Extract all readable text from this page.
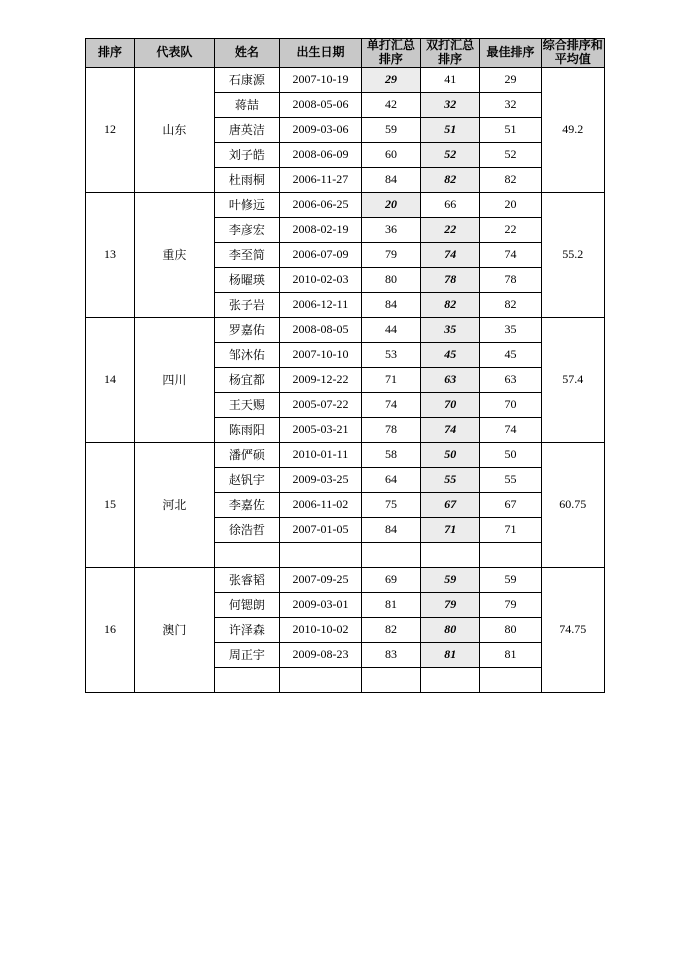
排序	代表队	姓名	出生日期	单打汇总排序	双打汇总排序	最佳排序	综合排序和平均值
12	山东	石康源	2007-10-19	29	41	29	49.2
		蒋喆	2008-05-06	42	32	32	
		唐英洁	2009-03-06	59	51	51	
		刘子皓	2008-06-09	60	52	52	
		杜雨桐	2006-11-27	84	82	82	
13	重庆	叶修远	2006-06-25	20	66	20	55.2
		李彦宏	2008-02-19	36	22	22	
		李至简	2006-07-09	79	74	74	
		杨曜瑛	2010-02-03	80	78	78	
		张子岩	2006-12-11	84	82	82	
14	四川	罗嘉佑	2008-08-05	44	35	35	57.4
		邹沐佑	2007-10-10	53	45	45	
		杨宜都	2009-12-22	71	63	63	
		王天赐	2005-07-22	74	70	70	
		陈雨阳	2005-03-21	78	74	74	
15	河北	潘俨硕	2010-01-11	58	50	50	60.75
		赵钒宇	2009-03-25	64	55	55	
		李嘉佐	2006-11-02	75	67	67	
		徐浩哲	2007-01-05	84	71	71	

16	澳门	张睿韬	2007-09-25	69	59	59	74.75
		何锶朗	2009-03-01	81	79	79	
		许泽森	2010-10-02	82	80	80	
		周正宇	2009-08-23	83	81	81	
